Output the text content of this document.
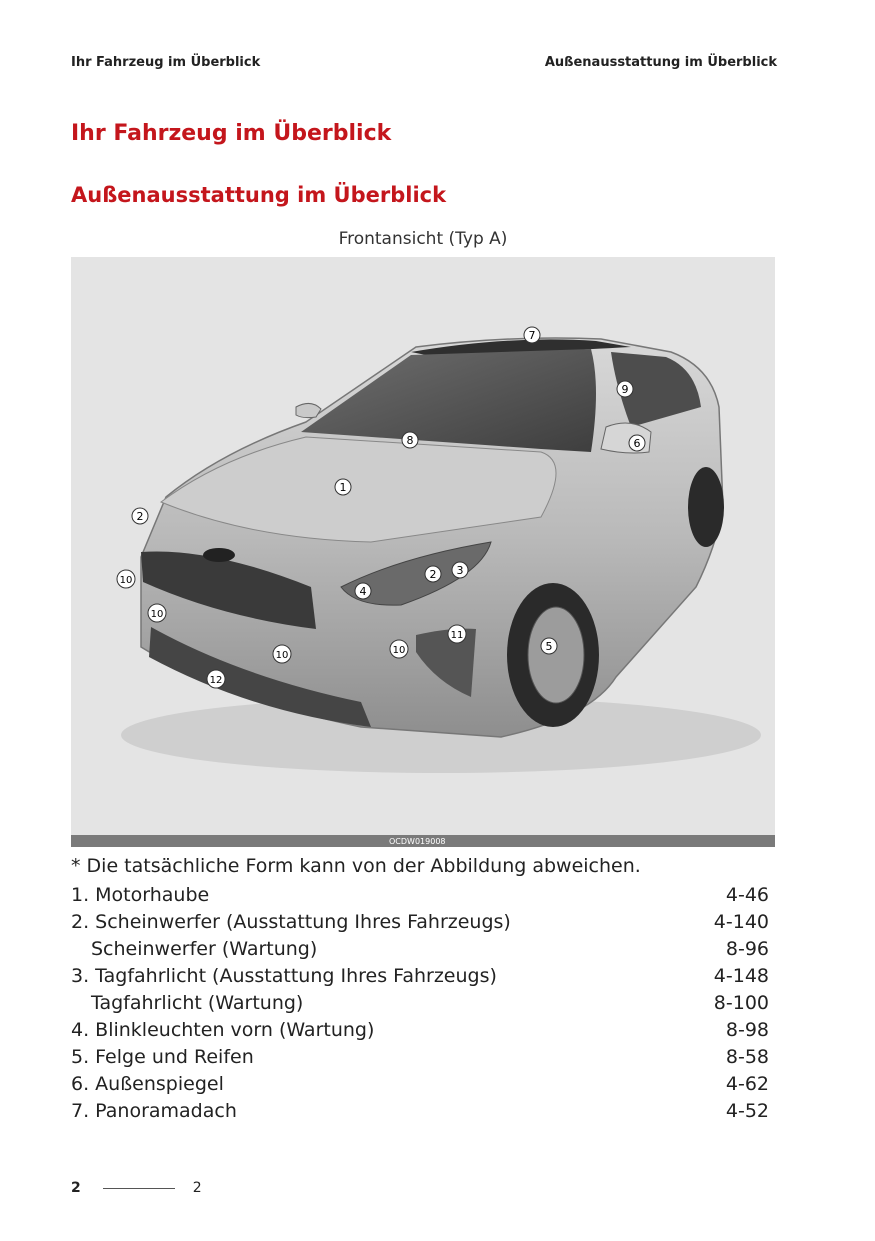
Ihr Fahrzeug im Überblick	Außenausstattung im Überblick
Ihr Fahrzeug im Überblick
Außenausstattung im Überblick
Frontansicht (Typ A)
1
2
2 3
4
5
6
7
8
9
10
10
10	10
11
12
OCDW019008
* Die tatsächliche Form kann von der Abbildung abweichen.
1. Motorhaube	4-46
2. Scheinwerfer (Ausstattung Ihres Fahrzeugs)	4-140
Scheinwerfer (Wartung)	8-96
3. Tagfahrlicht (Ausstattung Ihres Fahrzeugs)	4-148
Tagfahrlicht (Wartung)	8-100
4. Blinkleuchten vorn (Wartung)	8-98
5. Felge und Reifen	8-58
6. Außenspiegel	4-62
7. Panoramadach	4-52
2	2
